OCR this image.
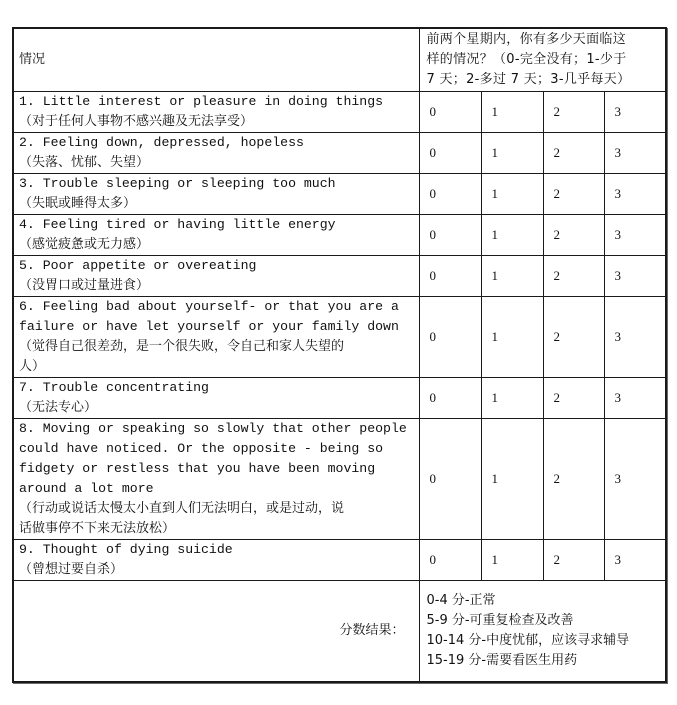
情况	前两个星期内，你有多少天面临这
样的情况？（0-完全没有；1-少于
7 天；2-多过 7 天；3-几乎每天）			

1. Little interest or pleasure in doing things
（对于任何人事物不感兴趣及无法享受）	0	1	2	3

2. Feeling down, depressed, hopeless
（失落、忧郁、失望）	0	1	2	3

3. Trouble sleeping or sleeping too much
（失眠或睡得太多）	0	1	2	3

4. Feeling tired or having little energy
（感觉疲惫或无力感）	0	1	2	3

5. Poor appetite or overeating
（没胃口或过量进食）	0	1	2	3

6. Feeling bad about yourself- or that you are a
failure or have let yourself or your family down
（觉得自己很差劲，是一个很失败，令自己和家人失望的
人）	0	1	2	3

7. Trouble concentrating
（无法专心）	0	1	2	3

8. Moving or speaking so slowly that other people
could have noticed. Or the opposite - being so
fidgety or restless that you have been moving
around a lot more
（行动或说话太慢太小直到人们无法明白，或是过动，说
话做事停不下来无法放松）
	0	1	2	3

9. Thought of dying suicide
（曾想过要自杀）	0	1	2	3
分数结果：	0-4 分-正常
5-9 分-可重复检查及改善
10-14 分-中度忧郁，应该寻求辅导
15-19 分-需要看医生用药			
